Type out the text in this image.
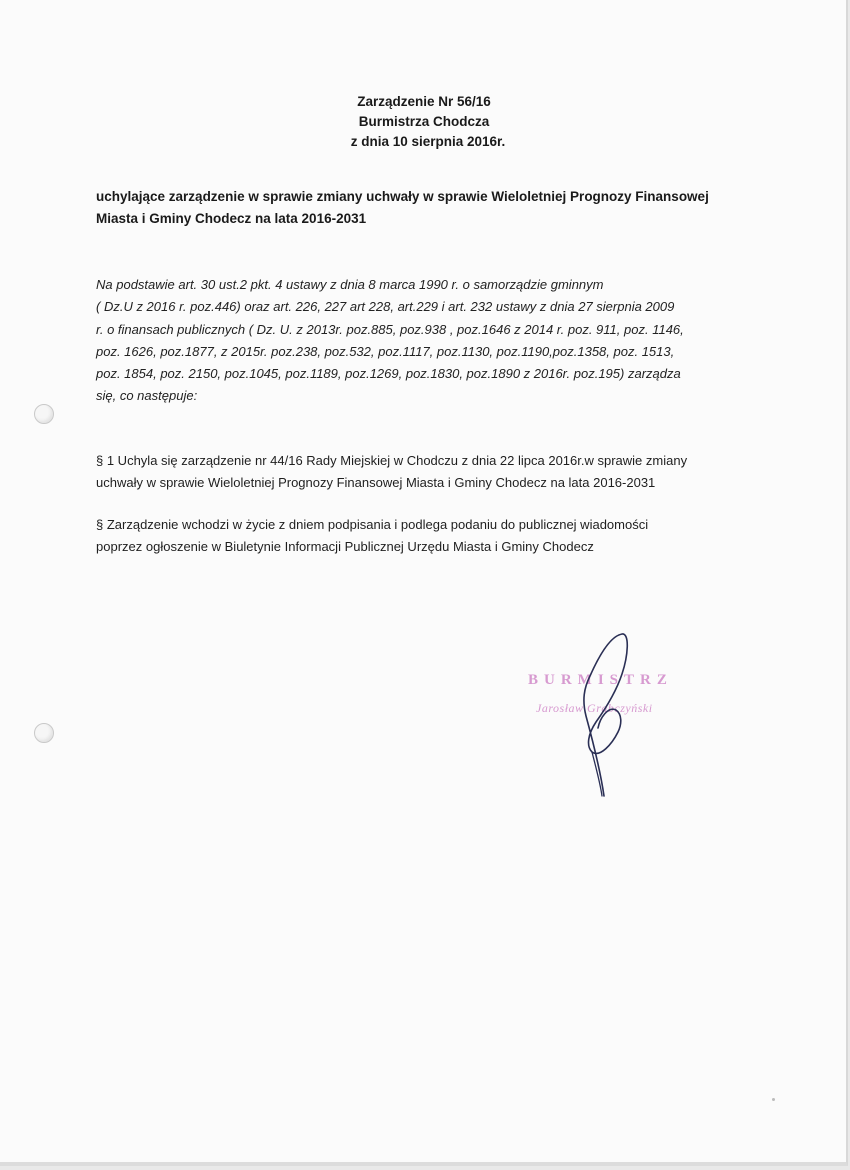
Zarządzenie Nr 56/16
Burmistrza Chodcza
z dnia 10 sierpnia 2016r.
uchylające zarządzenie w sprawie zmiany uchwały w sprawie Wieloletniej Prognozy Finansowej
Miasta i Gminy Chodecz na lata 2016-2031
Na podstawie art. 30 ust.2 pkt. 4 ustawy z dnia 8 marca 1990 r. o samorządzie gminnym
( Dz.U z 2016 r. poz.446) oraz art. 226, 227 art 228, art.229 i art. 232 ustawy z dnia 27 sierpnia 2009
r. o finansach publicznych ( Dz. U. z 2013r. poz.885, poz.938 , poz.1646 z 2014 r. poz. 911, poz. 1146,
poz. 1626, poz.1877, z 2015r. poz.238, poz.532, poz.1117, poz.1130, poz.1190,poz.1358, poz. 1513,
poz. 1854, poz. 2150, poz.1045, poz.1189, poz.1269, poz.1830, poz.1890 z 2016r. poz.195) zarządza
się, co następuje:
§ 1 Uchyla się zarządzenie nr 44/16 Rady Miejskiej w Chodczu z dnia 22 lipca 2016r.w sprawie zmiany
uchwały w sprawie Wieloletniej Prognozy Finansowej Miasta i Gminy Chodecz na lata 2016-2031
§ Zarządzenie wchodzi w życie z dniem podpisania i podlega podaniu do publicznej wiadomości
poprzez ogłoszenie w Biuletynie Informacji Publicznej Urzędu Miasta i Gminy Chodecz
BURMISTRZ
Jarosław Grabczyński
